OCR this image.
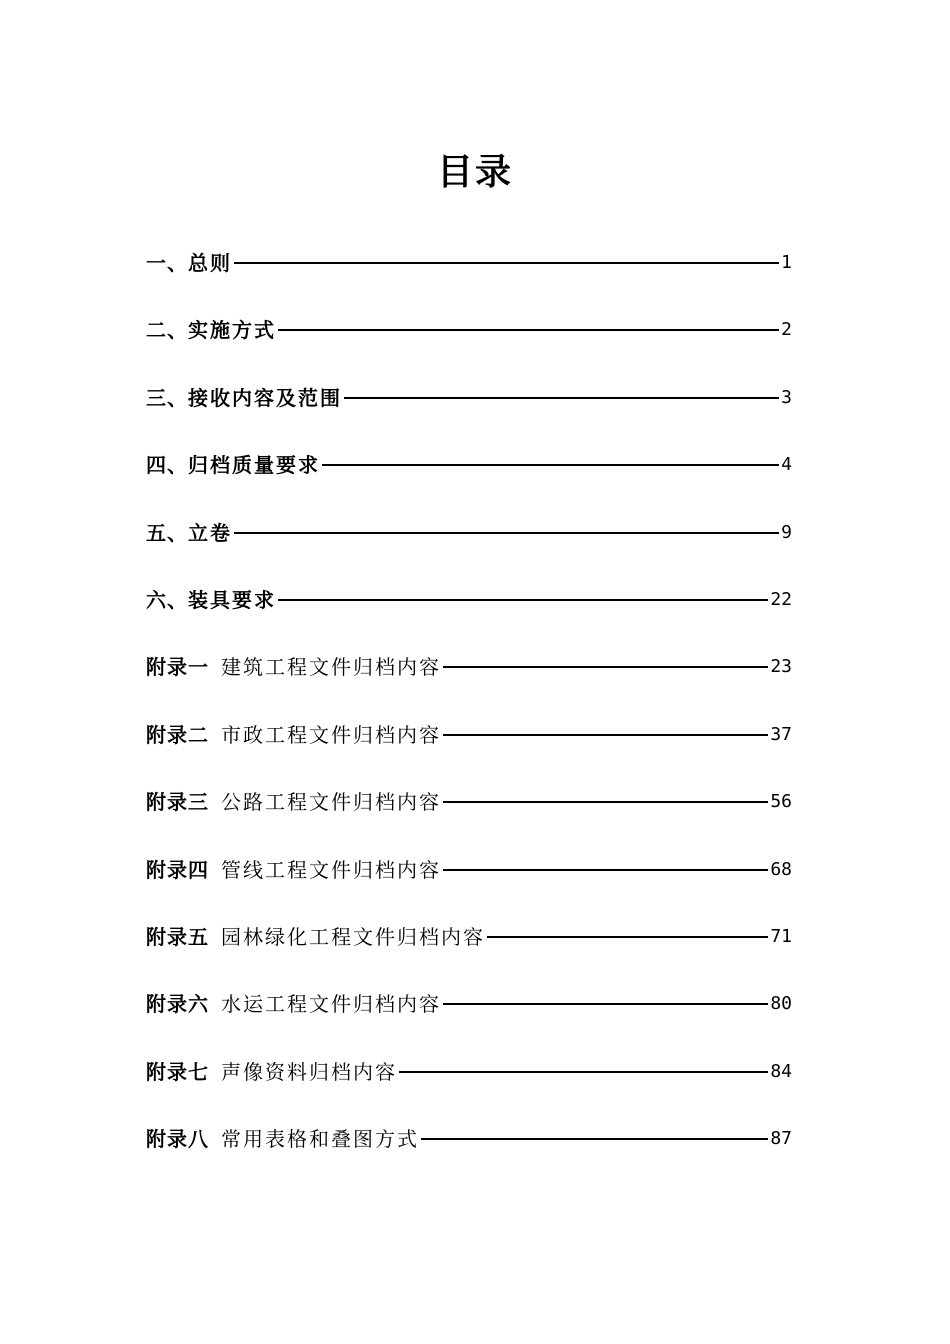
目录
一、 总则	1
二、 实施方式	2
三、 接收内容及范围	3
四、 归档质量要求	4
五、 立卷	9
六、 装具要求	22
附录一 建筑工程文件归档内容	23
附录二 市政工程文件归档内容	37
附录三 公路工程文件归档内容	56
附录四 管线工程文件归档内容	68
附录五 园林绿化工程文件归档内容	71
附录六 水运工程文件归档内容	80
附录七 声像资料归档内容	84
附录八 常用表格和叠图方式	87
